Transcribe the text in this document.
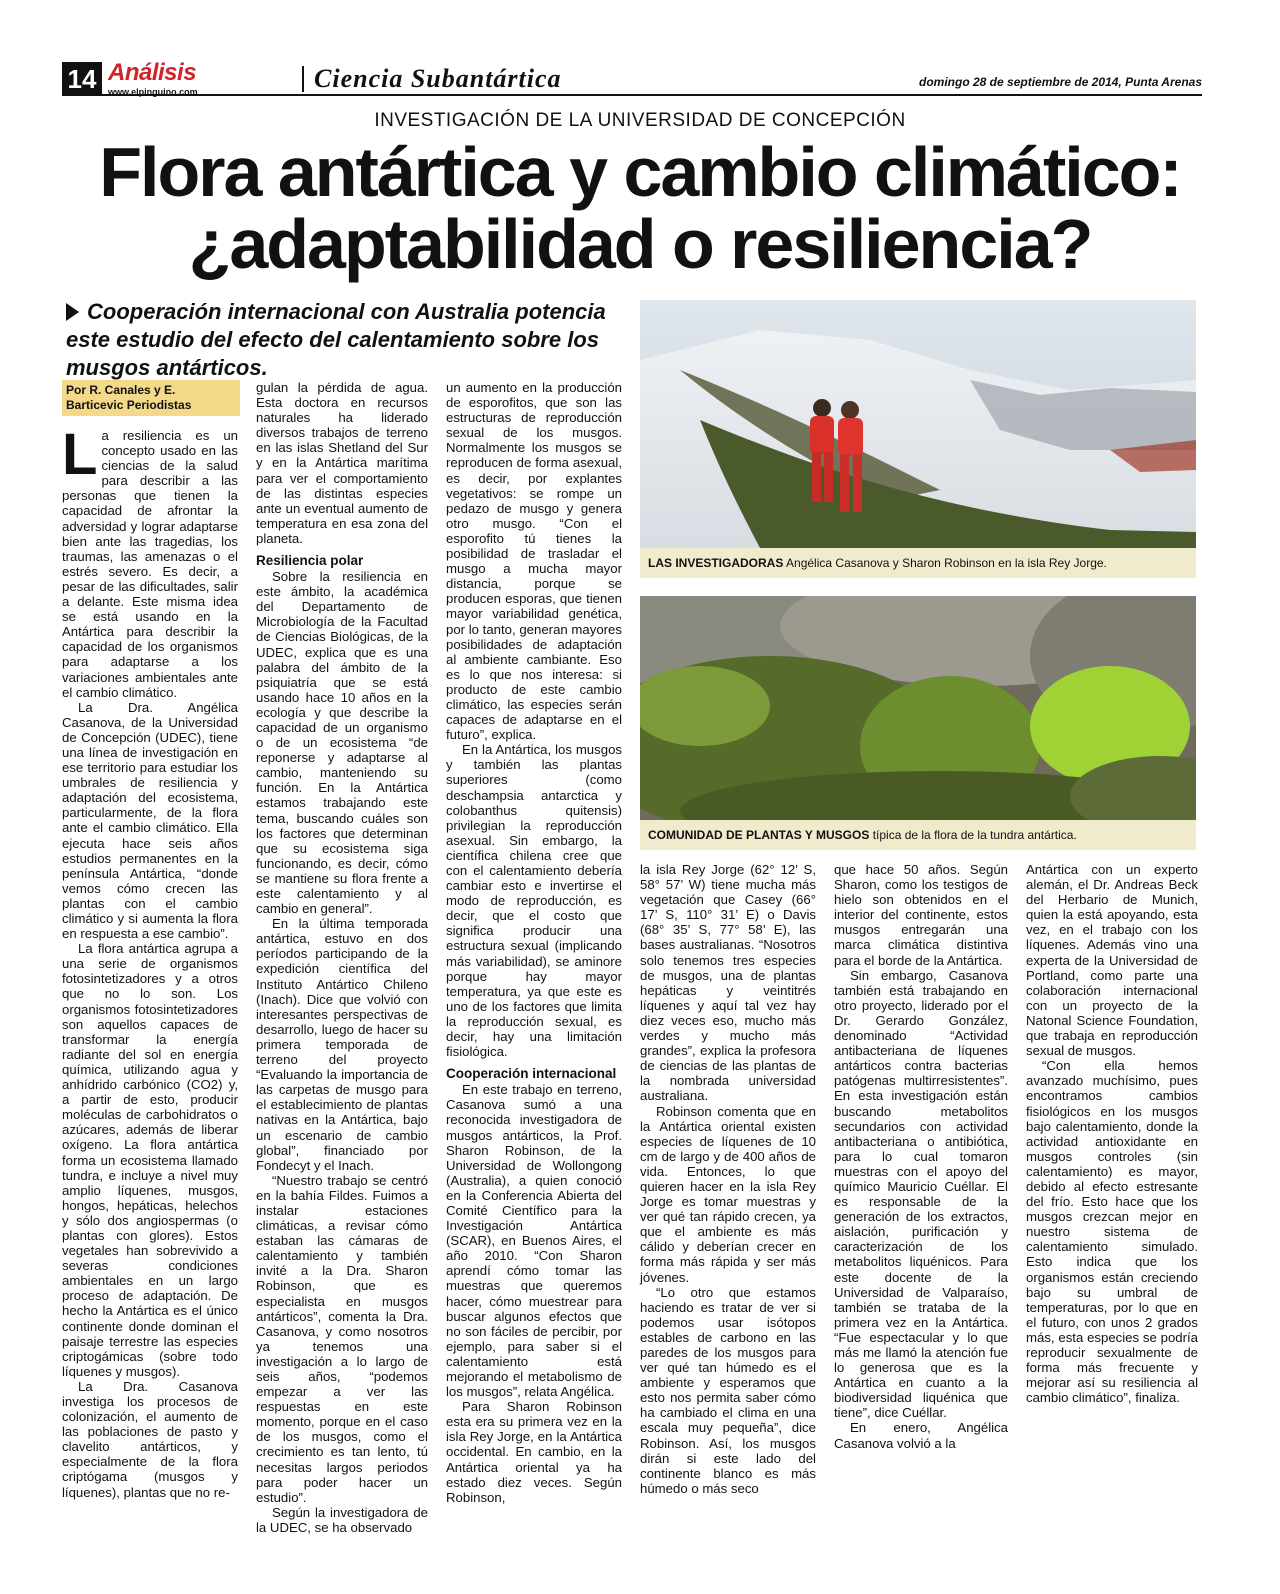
14 Análisis
www.elpinguino.com	Ciencia Subantártica	domingo 28 de septiembre de 2014, Punta Arenas
INVESTIGACIÓN DE LA UNIVERSIDAD DE CONCEPCIÓN
Flora antártica y cambio climático:
¿adaptabilidad o resiliencia?
Cooperación internacional con Australia potencia este estudio del efecto del calentamiento sobre los musgos antárticos.
Por R. Canales y E. Barticevic Periodistas

La resiliencia es un concepto usado en las ciencias de la salud para describir a las personas que tienen la capacidad de afrontar la adversidad y lograr adaptarse bien ante las tragedias, los traumas, las amenazas o el estrés severo. Es decir, a pesar de las dificultades, salir a delante. Este misma idea se está usando en la Antártica para describir la capacidad de los organismos para adaptarse a los variaciones ambientales ante el cambio climático.

La Dra. Angélica Casanova, de la Universidad de Concepción (UDEC), tiene una línea de investigación en ese territorio para estudiar los umbrales de resiliencia y adaptación del ecosistema, particularmente, de la flora ante el cambio climático. Ella ejecuta hace seis años estudios permanentes en la península Antártica, “donde vemos cómo crecen las plantas con el cambio climático y si aumenta la flora en respuesta a ese cambio”.

La flora antártica agrupa a una serie de organismos fotosintetizadores y a otros que no lo son. Los organismos fotosintetizadores son aquellos capaces de transformar la energía radiante del sol en energía química, utilizando agua y anhídrido carbónico (CO2) y, a partir de esto, producir moléculas de carbohidratos o azúcares, además de liberar oxígeno. La flora antártica forma un ecosistema llamado tundra, e incluye a nivel muy amplio líquenes, musgos, hongos, hepáticas, helechos y sólo dos angiospermas (o plantas con glores). Estos vegetales han sobrevivido a severas condiciones ambientales en un largo proceso de adaptación. De hecho la Antártica es el único continente donde dominan el paisaje terrestre las especies criptogámicas (sobre todo líquenes y musgos).

La Dra. Casanova investiga los procesos de colonización, el aumento de las poblaciones de pasto y clavelito antárticos, y especialmente de la flora criptógama (musgos y líquenes), plantas que no re-

gulan la pérdida de agua. Esta doctora en recursos naturales ha liderado diversos trabajos de terreno en las islas Shetland del Sur y en la Antártica marítima para ver el comportamiento de las distintas especies ante un eventual aumento de temperatura en esa zona del planeta.

Resiliencia polar

Sobre la resiliencia en este ámbito, la académica del Departamento de Microbiología de la Facultad de Ciencias Biológicas, de la UDEC, explica que es una palabra del ámbito de la psiquiatría que se está usando hace 10 años en la ecología y que describe la capacidad de un organismo o de un ecosistema “de reponerse y adaptarse al cambio, manteniendo su función. En la Antártica estamos trabajando este tema, buscando cuáles son los factores que determinan que su ecosistema siga funcionando, es decir, cómo se mantiene su flora frente a este calentamiento y al cambio en general”.

En la última temporada antártica, estuvo en dos períodos participando de la expedición científica del Instituto Antártico Chileno (Inach). Dice que volvió con interesantes perspectivas de desarrollo, luego de hacer su primera temporada de terreno del proyecto “Evaluando la importancia de las carpetas de musgo para el establecimiento de plantas nativas en la Antártica, bajo un escenario de cambio global”, financiado por Fondecyt y el Inach.

“Nuestro trabajo se centró en la bahía Fildes. Fuimos a instalar estaciones climáticas, a revisar cómo estaban las cámaras de calentamiento y también invité a la Dra. Sharon Robinson, que es especialista en musgos antárticos”, comenta la Dra. Casanova, y como nosotros ya tenemos una investigación a lo largo de seis años, “podemos empezar a ver las respuestas en este momento, porque en el caso de los musgos, como el crecimiento es tan lento, tú necesitas largos periodos para poder hacer un estudio”.

Según la investigadora de la UDEC, se ha observado

un aumento en la producción de esporofitos, que son las estructuras de reproducción sexual de los musgos. Normalmente los musgos se reproducen de forma asexual, es decir, por explantes vegetativos: se rompe un pedazo de musgo y genera otro musgo. “Con el esporofito tú tienes la posibilidad de trasladar el musgo a mucha mayor distancia, porque se producen esporas, que tienen mayor variabilidad genética, por lo tanto, generan mayores posibilidades de adaptación al ambiente cambiante. Eso es lo que nos interesa: si producto de este cambio climático, las especies serán capaces de adaptarse en el futuro”, explica.

En la Antártica, los musgos y también las plantas superiores (como deschampsia antarctica y colobanthus quitensis) privilegian la reproducción asexual. Sin embargo, la científica chilena cree que con el calentamiento debería cambiar esto e invertirse el modo de reproducción, es decir, que el costo que significa producir una estructura sexual (implicando más variabilidad), se aminore porque hay mayor temperatura, ya que este es uno de los factores que limita la reproducción sexual, es decir, hay una limitación fisiológica.

Cooperación internacional

En este trabajo en terreno, Casanova sumó a una reconocida investigadora de musgos antárticos, la Prof. Sharon Robinson, de la Universidad de Wollongong (Australia), a quien conoció en la Conferencia Abierta del Comité Científico para la Investigación Antártica (SCAR), en Buenos Aires, el año 2010. “Con Sharon aprendí cómo tomar las muestras que queremos hacer, cómo muestrear para buscar algunos efectos que no son fáciles de percibir, por ejemplo, para saber si el calentamiento está mejorando el metabolismo de los musgos”, relata Angélica.

Para Sharon Robinson esta era su primera vez en la isla Rey Jorge, en la Antártica occidental. En cambio, en la Antártica oriental ya ha estado diez veces. Según Robinson,

LAS INVESTIGADORAS Angélica Casanova y Sharon Robinson en la isla Rey Jorge.
COMUNIDAD DE PLANTAS Y MUSGOS típica de la flora de la tundra antártica.

la isla Rey Jorge (62° 12’ S, 58° 57’ W) tiene mucha más vegetación que Casey (66° 17’ S, 110° 31’ E) o Davis (68° 35’ S, 77° 58’ E), las bases australianas. “Nosotros solo tenemos tres especies de musgos, una de plantas hepáticas y veintitrés líquenes y aquí tal vez hay diez veces eso, mucho más verdes y mucho más grandes”, explica la profesora de ciencias de las plantas de la nombrada universidad australiana.

Robinson comenta que en la Antártica oriental existen especies de líquenes de 10 cm de largo y de 400 años de vida. Entonces, lo que quieren hacer en la isla Rey Jorge es tomar muestras y ver qué tan rápido crecen, ya que el ambiente es más cálido y deberían crecer en forma más rápida y ser más jóvenes.

“Lo otro que estamos haciendo es tratar de ver si podemos usar isótopos estables de carbono en las paredes de los musgos para ver qué tan húmedo es el ambiente y esperamos que esto nos permita saber cómo ha cambiado el clima en una escala muy pequeña”, dice Robinson. Así, los musgos dirán si este lado del continente blanco es más húmedo o más seco

que hace 50 años. Según Sharon, como los testigos de hielo son obtenidos en el interior del continente, estos musgos entregarán una marca climática distintiva para el borde de la Antártica.

Sin embargo, Casanova también está trabajando en otro proyecto, liderado por el Dr. Gerardo González, denominado “Actividad antibacteriana de líquenes antárticos contra bacterias patógenas multirresistentes”. En esta investigación están buscando metabolitos secundarios con actividad antibacteriana o antibiótica, para lo cual tomaron muestras con el apoyo del químico Mauricio Cuéllar. El es responsable de la generación de los extractos, aislación, purificación y caracterización de los metabolitos liquénicos. Para este docente de la Universidad de Valparaíso, también se trataba de la primera vez en la Antártica. “Fue espectacular y lo que más me llamó la atención fue lo generosa que es la Antártica en cuanto a la biodiversidad liquénica que tiene”, dice Cuéllar.

En enero, Angélica Casanova volvió a la

Antártica con un experto alemán, el Dr. Andreas Beck del Herbario de Munich, quien la está apoyando, esta vez, en el trabajo con los líquenes. Además vino una experta de la Universidad de Portland, como parte una colaboración internacional con un proyecto de la Natonal Science Foundation, que trabaja en reproducción sexual de musgos.

“Con ella hemos avanzado muchísimo, pues encontramos cambios fisiológicos en los musgos bajo calentamiento, donde la actividad antioxidante en musgos controles (sin calentamiento) es mayor, debido al efecto estresante del frío. Esto hace que los musgos crezcan mejor en nuestro sistema de calentamiento simulado. Esto indica que los organismos están creciendo bajo su umbral de temperaturas, por lo que en el futuro, con unos 2 grados más, esta especies se podría reproducir sexualmente de forma más frecuente y mejorar así su resiliencia al cambio climático”, finaliza.
